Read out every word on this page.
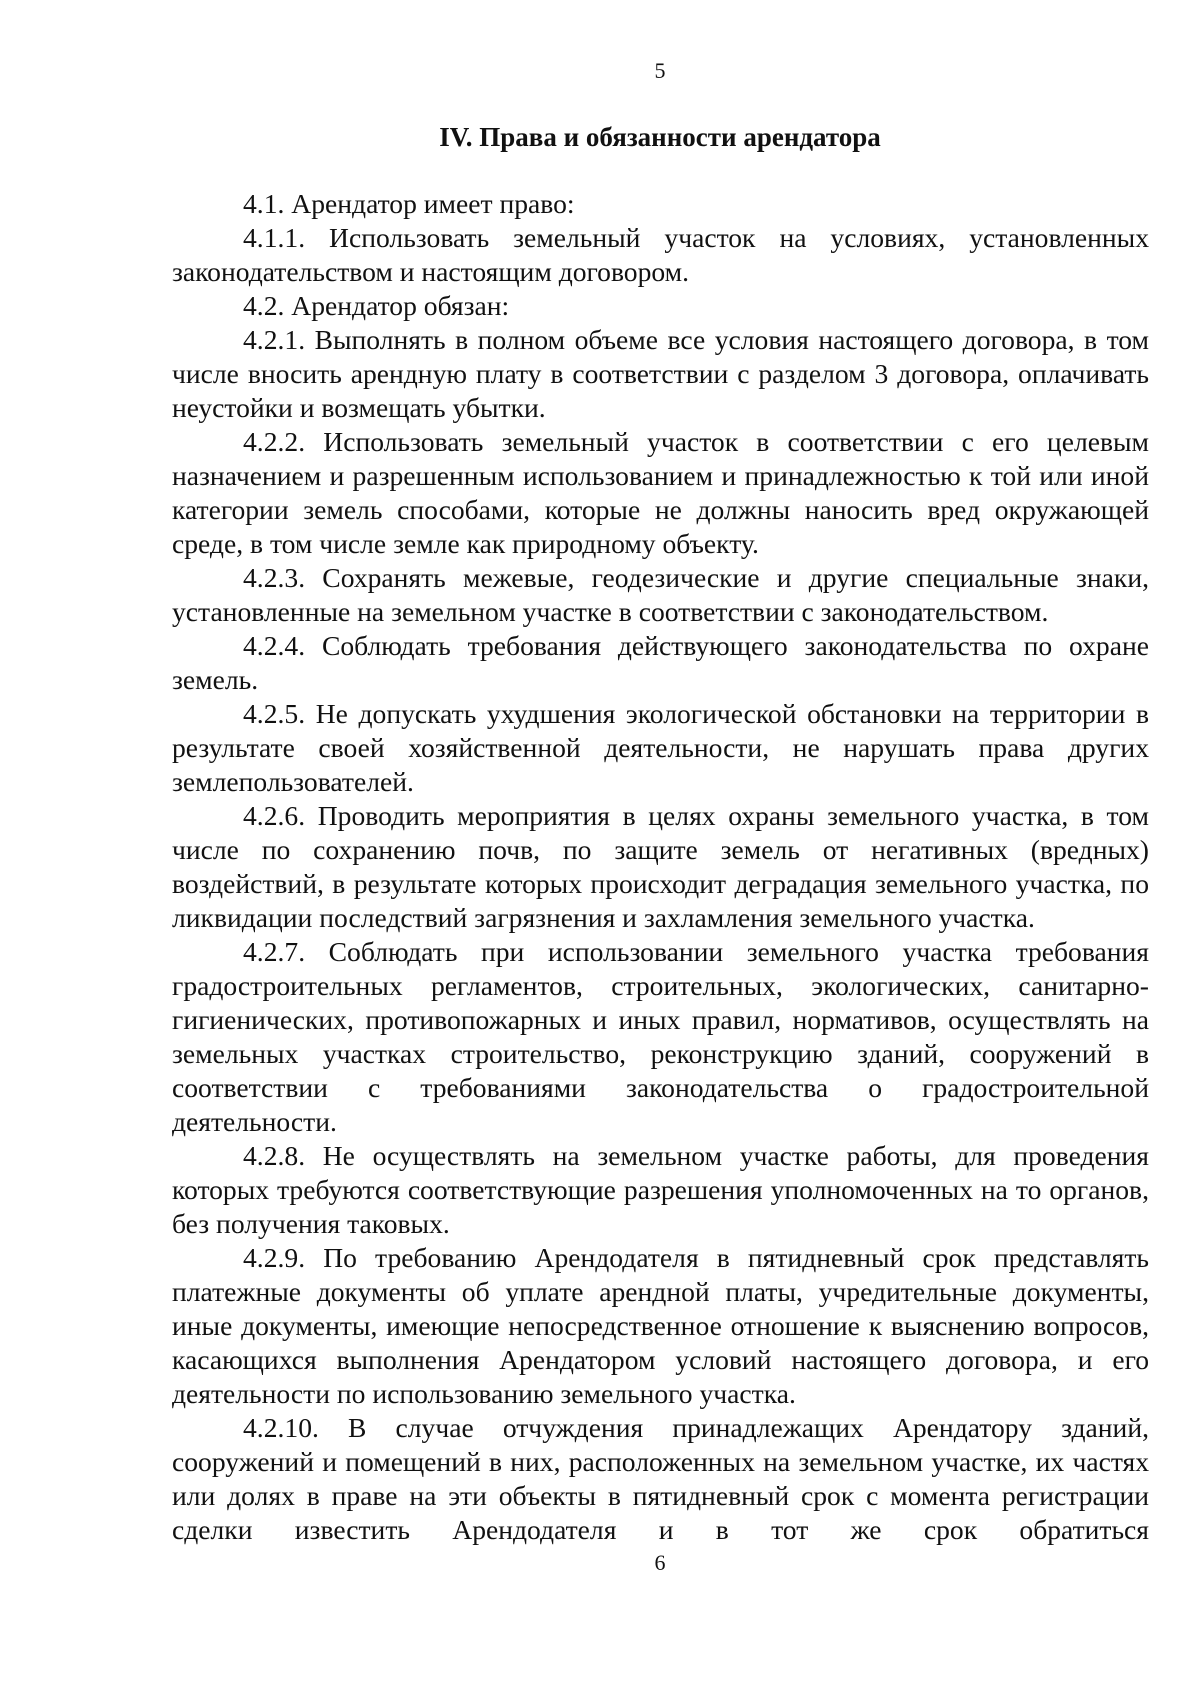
5
IV. Права и обязанности арендатора

4.1. Арендатор имеет право:

4.1.1. Использовать земельный участок на условиях, установленных законодательством и настоящим договором.

4.2. Арендатор обязан:

4.2.1. Выполнять в полном объеме все условия настоящего договора, в том числе вносить арендную плату в соответствии с разделом 3 договора, оплачивать неустойки и возмещать убытки.

4.2.2. Использовать земельный участок в соответствии с его целевым назначением и разрешенным использованием и принадлежностью к той или иной категории земель способами, которые не должны наносить вред окружающей среде, в том числе земле как природному объекту.

4.2.3. Сохранять межевые, геодезические и другие специальные знаки, установленные на земельном участке в соответствии с законодательством.

4.2.4. Соблюдать требования действующего законодательства по охране земель.

4.2.5. Не допускать ухудшения экологической обстановки на территории в результате своей хозяйственной деятельности, не нарушать права других землепользователей.

4.2.6. Проводить мероприятия в целях охраны земельного участка, в том числе по сохранению почв, по защите земель от негативных (вредных) воздействий, в результате которых происходит деградация земельного участка, по ликвидации последствий загрязнения и захламления земельного участка.

4.2.7. Соблюдать при использовании земельного участка требования градостроительных регламентов, строительных, экологических, санитарно-гигиенических, противопожарных и иных правил, нормативов, осуществлять на земельных участках строительство, реконструкцию зданий, сооружений в соответствии с требованиями законодательства о градостроительной деятельности.

4.2.8. Не осуществлять на земельном участке работы, для проведения которых требуются соответствующие разрешения уполномоченных на то органов, без получения таковых.

4.2.9. По требованию Арендодателя в пятидневный срок представлять платежные документы об уплате арендной платы, учредительные документы, иные документы, имеющие непосредственное отношение к выяснению вопросов, касающихся выполнения Арендатором условий настоящего договора, и его деятельности по использованию земельного участка.

4.2.10. В случае отчуждения принадлежащих Арендатору зданий, сооружений и помещений в них, расположенных на земельном участке, их частях или долях в праве на эти объекты в пятидневный срок с момента регистрации сделки известить Арендодателя и в тот же срок обратиться

6
